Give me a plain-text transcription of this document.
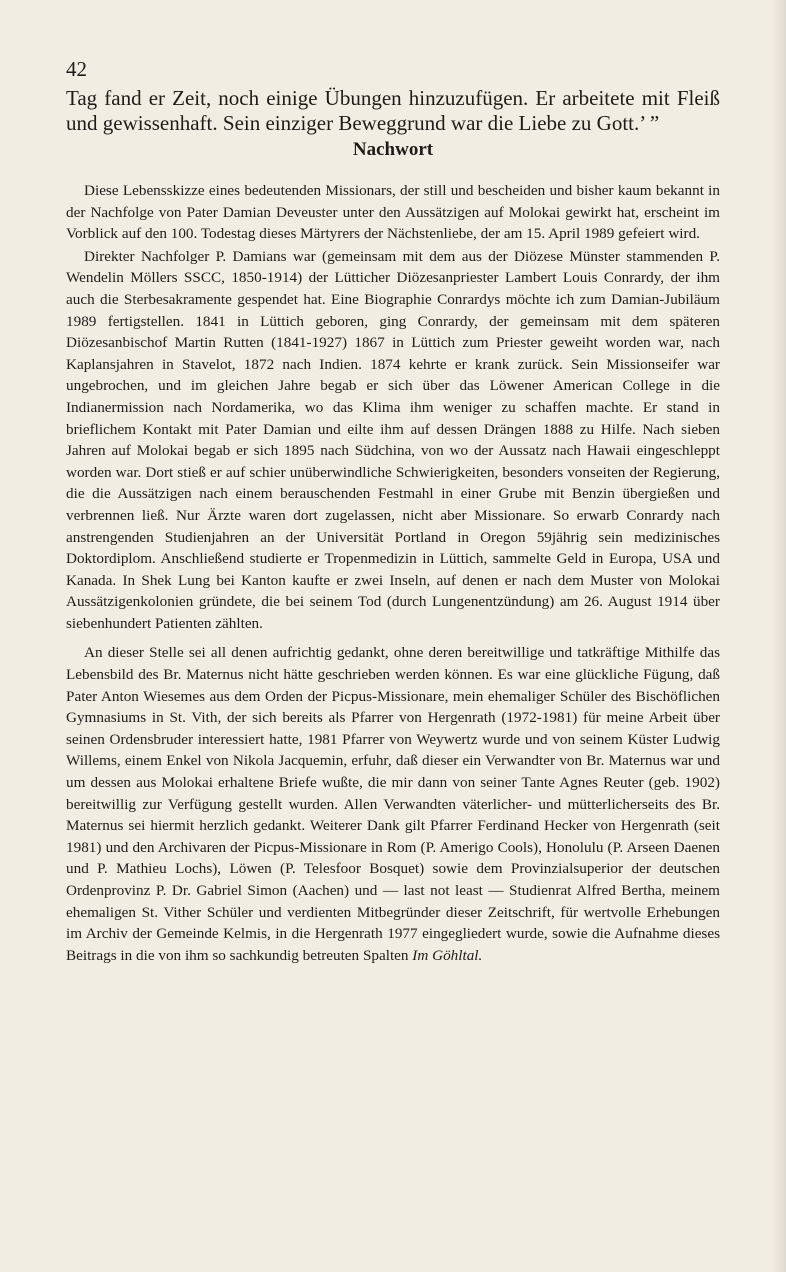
42

Tag fand er Zeit, noch einige Übungen hinzuzufügen. Er arbeitete mit Fleiß und gewissenhaft. Sein einziger Beweggrund war die Liebe zu Gott.’ ”

Nachwort

Diese Lebensskizze eines bedeutenden Missionars, der still und bescheiden und bisher kaum bekannt in der Nachfolge von Pater Damian Deveuster unter den Aussätzigen auf Molokai gewirkt hat, erscheint im Vorblick auf den 100. Todestag dieses Märtyrers der Nächstenliebe, der am 15. April 1989 gefeiert wird.

Direkter Nachfolger P. Damians war (gemeinsam mit dem aus der Diözese Münster stammenden P. Wendelin Möllers SSCC, 1850-1914) der Lütticher Diözesanpriester Lambert Louis Conrardy, der ihm auch die Sterbesakramente gespendet hat. Eine Biographie Conrardys möchte ich zum Damian-Jubiläum 1989 fertigstellen. 1841 in Lüttich geboren, ging Conrardy, der gemeinsam mit dem späteren Diözesanbischof Martin Rutten (1841-1927) 1867 in Lüttich zum Priester geweiht worden war, nach Kaplansjahren in Stavelot, 1872 nach Indien. 1874 kehrte er krank zurück. Sein Missionseifer war ungebrochen, und im gleichen Jahre begab er sich über das Löwener American College in die Indianermission nach Nordamerika, wo das Klima ihm weniger zu schaffen machte. Er stand in brieflichem Kontakt mit Pater Damian und eilte ihm auf dessen Drängen 1888 zu Hilfe. Nach sieben Jahren auf Molokai begab er sich 1895 nach Südchina, von wo der Aussatz nach Hawaii eingeschleppt worden war. Dort stieß er auf schier unüberwindliche Schwierigkeiten, besonders vonseiten der Regierung, die die Aussätzigen nach einem berauschenden Festmahl in einer Grube mit Benzin übergießen und verbrennen ließ. Nur Ärzte waren dort zugelassen, nicht aber Missionare. So erwarb Conrardy nach anstrengenden Studienjahren an der Universität Portland in Oregon 59jährig sein medizinisches Doktordiplom. Anschließend studierte er Tropenmedizin in Lüttich, sammelte Geld in Europa, USA und Kanada. In Shek Lung bei Kanton kaufte er zwei Inseln, auf denen er nach dem Muster von Molokai Aussätzigenkolonien gründete, die bei seinem Tod (durch Lungenentzündung) am 26. August 1914 über siebenhundert Patienten zählten.

An dieser Stelle sei all denen aufrichtig gedankt, ohne deren bereitwillige und tatkräftige Mithilfe das Lebensbild des Br. Maternus nicht hätte geschrieben werden können. Es war eine glückliche Fügung, daß Pater Anton Wiesemes aus dem Orden der Picpus-Missionare, mein ehemaliger Schüler des Bischöflichen Gymnasiums in St. Vith, der sich bereits als Pfarrer von Hergenrath (1972-1981) für meine Arbeit über seinen Ordensbruder interessiert hatte, 1981 Pfarrer von Weywertz wurde und von seinem Küster Ludwig Willems, einem Enkel von Nikola Jacquemin, erfuhr, daß dieser ein Verwandter von Br. Maternus war und um dessen aus Molokai erhaltene Briefe wußte, die mir dann von seiner Tante Agnes Reuter (geb. 1902) bereitwillig zur Verfügung gestellt wurden. Allen Verwandten väterlicher- und mütterlicherseits des Br. Maternus sei hiermit herzlich gedankt. Weiterer Dank gilt Pfarrer Ferdinand Hecker von Hergenrath (seit 1981) und den Archivaren der Picpus-Missionare in Rom (P. Amerigo Cools), Honolulu (P. Arseen Daenen und P. Mathieu Lochs), Löwen (P. Telesfoor Bosquet) sowie dem Provinzialsuperior der deutschen Ordenprovinz P. Dr. Gabriel Simon (Aachen) und — last not least — Studienrat Alfred Bertha, meinem ehemaligen St. Vither Schüler und verdienten Mitbegründer dieser Zeitschrift, für wertvolle Erhebungen im Archiv der Gemeinde Kelmis, in die Hergenrath 1977 eingegliedert wurde, sowie die Aufnahme dieses Beitrags in die von ihm so sachkundig betreuten Spalten Im Göhltal.
